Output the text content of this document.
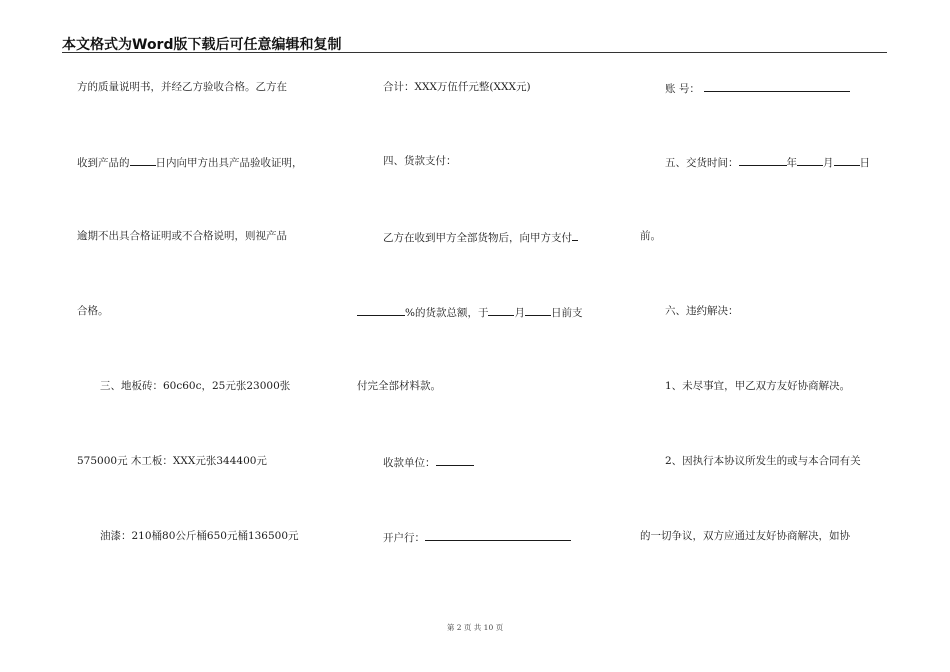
本文格式为Word版下载后可任意编辑和复制
方的质量说明书，并经乙方验收合格。乙方在
收到产品的 日内向甲方出具产品验收证明，
逾期不出具合格证明或不合格说明，则视产品
合格。
三、地板砖：60c60c，25元张23000张
575000元 木工板：XXX元张344400元
油漆：210桶80公斤桶650元桶136500元
合计：XXX万伍仟元整(XXX元)
四、货款支付：
乙方在收到甲方全部货物后，向甲方支付
%的货款总额，于 月 日前支
付完全部材料款。
收款单位：
开户行：
账 号：
五、交货时间：	年 月 日
前。
六、违约解决：
1、未尽事宜，甲乙双方友好协商解决。
2、因执行本协议所发生的或与本合同有关
的一切争议，双方应通过友好协商解决，如协
第 2 页 共 10 页
